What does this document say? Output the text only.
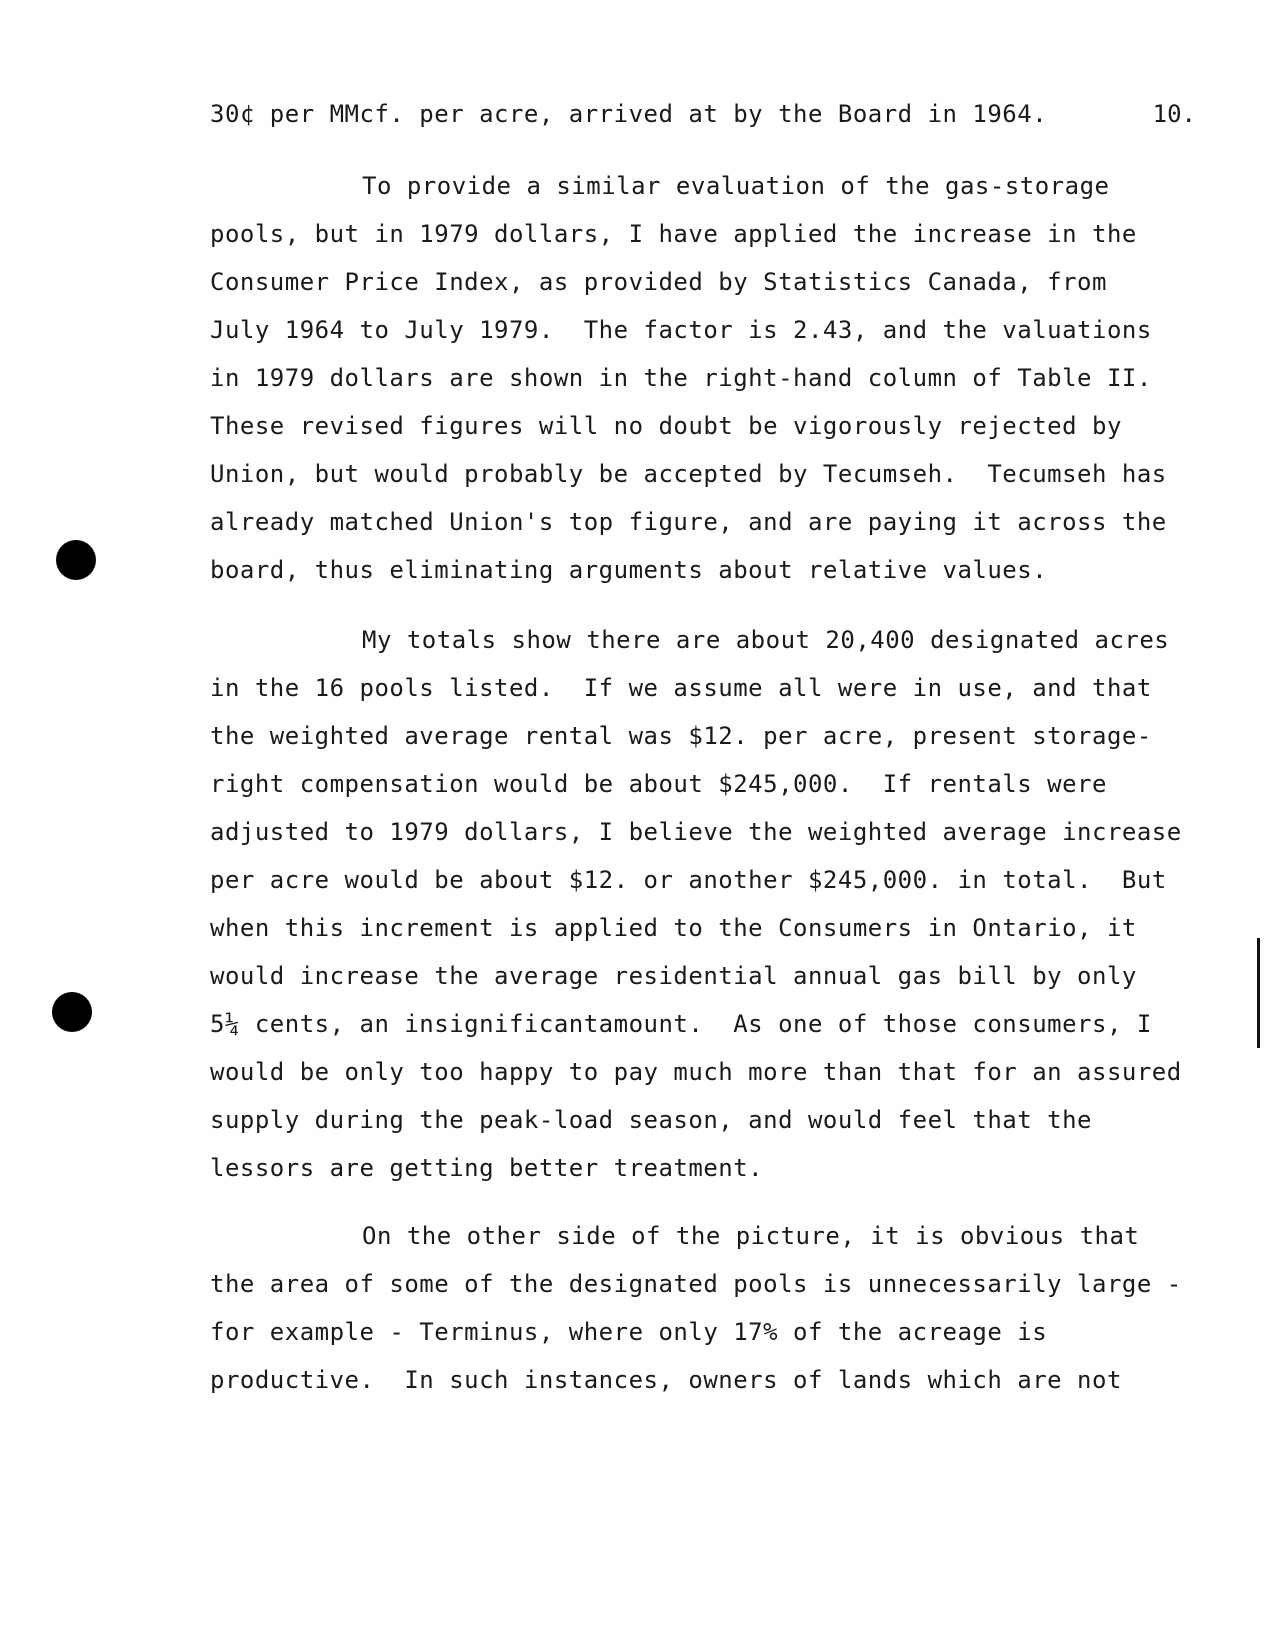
30¢ per MMcf. per acre, arrived at by the Board in 1964.	10.
To provide a similar evaluation of the gas-storage
pools, but in 1979 dollars, I have applied the increase in the
Consumer Price Index, as provided by Statistics Canada, from
July 1964 to July 1979.  The factor is 2.43, and the valuations
in 1979 dollars are shown in the right-hand column of Table II.
These revised figures will no doubt be vigorously rejected by
Union, but would probably be accepted by Tecumseh.  Tecumseh has
already matched Union's top figure, and are paying it across the
board, thus eliminating arguments about relative values.
My totals show there are about 20,400 designated acres
in the 16 pools listed.  If we assume all were in use, and that
the weighted average rental was $12. per acre, present storage-
right compensation would be about $245,000.  If rentals were
adjusted to 1979 dollars, I believe the weighted average increase
per acre would be about $12. or another $245,000. in total.  But
when this increment is applied to the Consumers in Ontario, it
would increase the average residential annual gas bill by only
5¼ cents, an insignificantamount.  As one of those consumers, I
would be only too happy to pay much more than that for an assured
supply during the peak-load season, and would feel that the
lessors are getting better treatment.
On the other side of the picture, it is obvious that
the area of some of the designated pools is unnecessarily large -
for example - Terminus, where only 17% of the acreage is
productive.  In such instances, owners of lands which are not
